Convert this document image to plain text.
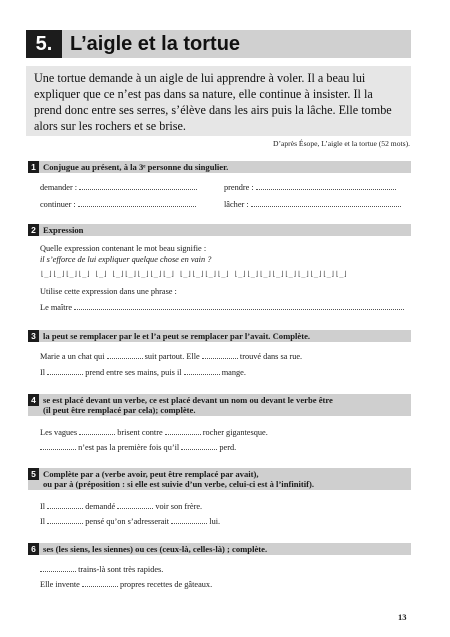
5. L’aigle et la tortue
Une tortue demande à un aigle de lui apprendre à voler. Il a beau lui
expliquer que ce n’est pas dans sa nature, elle continue à insister. Il la
prend donc entre ses serres, s’élève dans les airs puis la lâche. Elle tombe
alors sur les rochers et se brise.
D’après Ésope, L’aigle et la tortue (52 mots).
1 Conjugue au présent, à la 3ᵉ personne du singulier.
demander :	prendre :
continuer :	lâcher :
2 Expression
Quelle expression contenant le mot beau signifie :
il s’efforce de lui expliquer quelque chose en vain ?
⌊_⌋⌊_⌋⌊_⌋⌊_⌋ ⌊_⌋ ⌊_⌋⌊_⌋⌊_⌋⌊_⌋⌊_⌋ ⌊_⌋⌊_⌋⌊_⌋⌊_⌋ ⌊_⌋⌊_⌋⌊_⌋⌊_⌋⌊_⌋⌊_⌋⌊_⌋⌊_⌋⌊_⌋
Utilise cette expression dans une phrase :
Le maître
3 la peut se remplacer par le et l’a peut se remplacer par l’avait. Complète.
Marie a un chat qui	suit partout. Elle	trouvé dans sa rue.
Il	prend entre ses mains, puis il	mange.
4 se est placé devant un verbe, ce est placé devant un nom ou devant le verbe être
(il peut être remplacé par cela); complète.
Les vagues	brisent contre	rocher gigantesque.
n’est pas la première fois qu’il	perd.
5 Complète par a (verbe avoir, peut être remplacé par avait),
ou par à (préposition : si elle est suivie d’un verbe, celui-ci est à l’infinitif).
Il	demandé	voir son frère.
Il	pensé qu’on s’adresserait	lui.
6 ses (les siens, les siennes) ou ces (ceux-là, celles-là) ; complète.
trains-là sont très rapides.
Elle invente	propres recettes de gâteaux.
13
